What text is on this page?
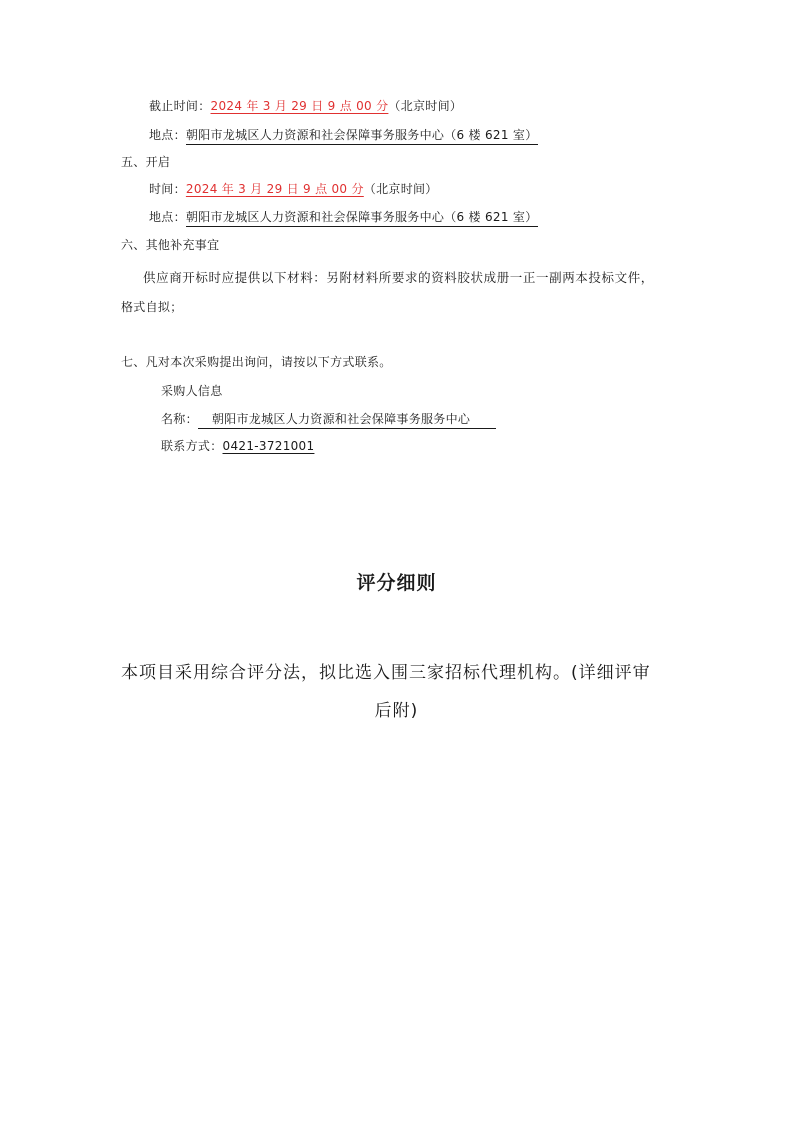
截止时间：2024 年 3 月 29 日 9 点 00 分（北京时间）
地点：朝阳市龙城区人力资源和社会保障事务服务中心（6 楼 621 室）
五、开启
时间：2024 年 3 月 29 日 9 点 00 分（北京时间）
地点：朝阳市龙城区人力资源和社会保障事务服务中心（6 楼 621 室）
六、其他补充事宜
供应商开标时应提供以下材料：另附材料所要求的资料胶状成册一正一副两本投标文件，
格式自拟；
七、凡对本次采购提出询问，请按以下方式联系。
采购人信息
名称： 朝阳市龙城区人力资源和社会保障事务服务中心
联系方式：0421-3721001
评分细则
本项目采用综合评分法，拟比选入围三家招标代理机构。(详细评审
后附)
